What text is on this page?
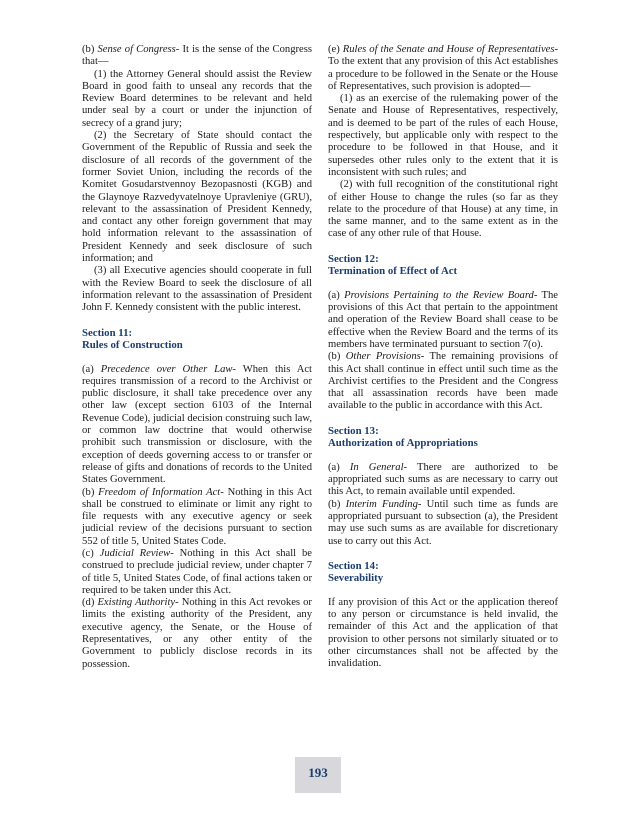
(b) Sense of Congress- It is the sense of the Congress that—

(1) the Attorney General should assist the Review Board in good faith to unseal any records that the Review Board determines to be relevant and held under seal by a court or under the injunction of secrecy of a grand jury;

(2) the Secretary of State should contact the Government of the Republic of Russia and seek the disclosure of all records of the government of the former Soviet Union, including the records of the Komitet Gosudarstvennoy Bezopasnosti (KGB) and the Glaynoye Razvedyvatelnoye Upravleniye (GRU), relevant to the assassination of President Kennedy, and contact any other foreign government that may hold information relevant to the assassination of President Kennedy and seek disclosure of such information; and

(3) all Executive agencies should cooperate in full with the Review Board to seek the disclosure of all information relevant to the assassination of President John F. Kennedy consistent with the public interest.

Section 11:
Rules of Construction

(a) Precedence over Other Law- When this Act requires transmission of a record to the Archivist or public disclosure, it shall take precedence over any other law (except section 6103 of the Internal Revenue Code), judicial decision construing such law, or common law doctrine that would otherwise prohibit such transmission or disclosure, with the exception of deeds governing access to or transfer or release of gifts and donations of records to the United States Government.

(b) Freedom of Information Act- Nothing in this Act shall be construed to eliminate or limit any right to file requests with any executive agency or seek judicial review of the decisions pursuant to section 552 of title 5, United States Code.

(c) Judicial Review- Nothing in this Act shall be construed to preclude judicial review, under chapter 7 of title 5, United States Code, of final actions taken or required to be taken under this Act.

(d) Existing Authority- Nothing in this Act revokes or limits the existing authority of the President, any executive agency, the Senate, or the House of Representatives, or any other entity of the Government to publicly disclose records in its possession.

(e) Rules of the Senate and House of Representatives- To the extent that any provision of this Act establishes a procedure to be followed in the Senate or the House of Representatives, such provision is adopted—

(1) as an exercise of the rulemaking power of the Senate and House of Representatives, respectively, and is deemed to be part of the rules of each House, respectively, but applicable only with respect to the procedure to be followed in that House, and it supersedes other rules only to the extent that it is inconsistent with such rules; and

(2) with full recognition of the constitutional right of either House to change the rules (so far as they relate to the procedure of that House) at any time, in the same manner, and to the same extent as in the case of any other rule of that House.

Section 12:
Termination of Effect of Act

(a) Provisions Pertaining to the Review Board- The provisions of this Act that pertain to the appointment and operation of the Review Board shall cease to be effective when the Review Board and the terms of its members have terminated pursuant to section 7(o).

(b) Other Provisions- The remaining provisions of this Act shall continue in effect until such time as the Archivist certifies to the President and the Congress that all assassination records have been made available to the public in accordance with this Act.

Section 13:
Authorization of Appropriations

(a) In General- There are authorized to be appropriated such sums as are necessary to carry out this Act, to remain available until expended.

(b) Interim Funding- Until such time as funds are appropriated pursuant to subsection (a), the President may use such sums as are available for discretionary use to carry out this Act.

Section 14:
Severability

If any provision of this Act or the application thereof to any person or circumstance is held invalid, the remainder of this Act and the application of that provision to other persons not similarly situated or to other circumstances shall not be affected by the invalidation.

193
